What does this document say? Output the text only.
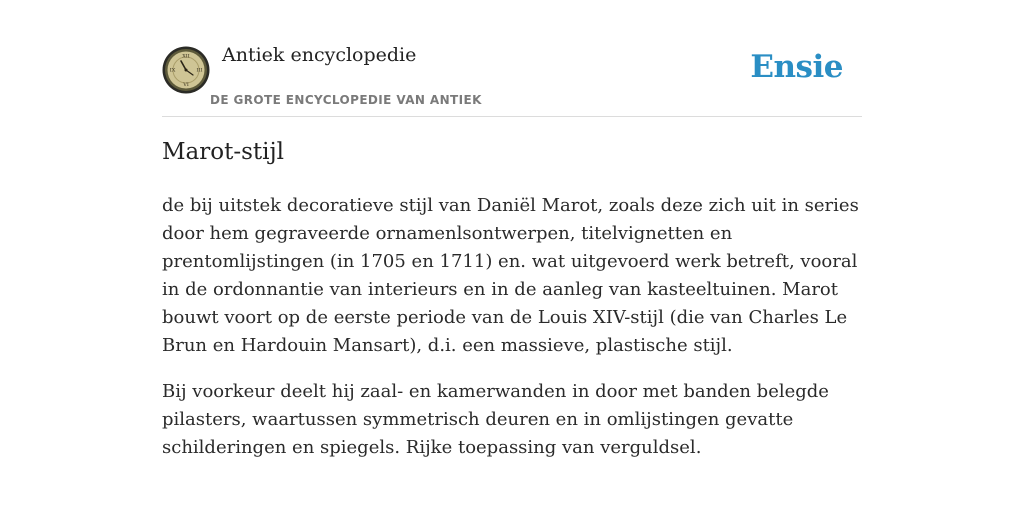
XII
III
VI
IX
Antiek encyclopedie
DE GROTE ENCYCLOPEDIE VAN ANTIEK
Ensie
Marot-stijl

de bij uitstek decoratieve stijl van Daniël Marot, zoals deze zich uit in series door hem gegraveerde ornamenlsontwerpen, titelvignetten en prentomlijstingen (in 1705 en 1711) en. wat uitgevoerd werk betreft, vooral in de ordonnantie van interieurs en in de aanleg van kasteeltuinen. Marot bouwt voort op de eerste periode van de Louis XIV-stijl (die van Charles Le Brun en Hardouin Mansart), d.i. een massieve, plastische stijl.

Bij voorkeur deelt hij zaal- en kamerwanden in door met banden belegde pilasters, waartussen symmetrisch deuren en in omlijstingen gevatte schilderingen en spiegels. Rijke toepassing van verguldsel.
